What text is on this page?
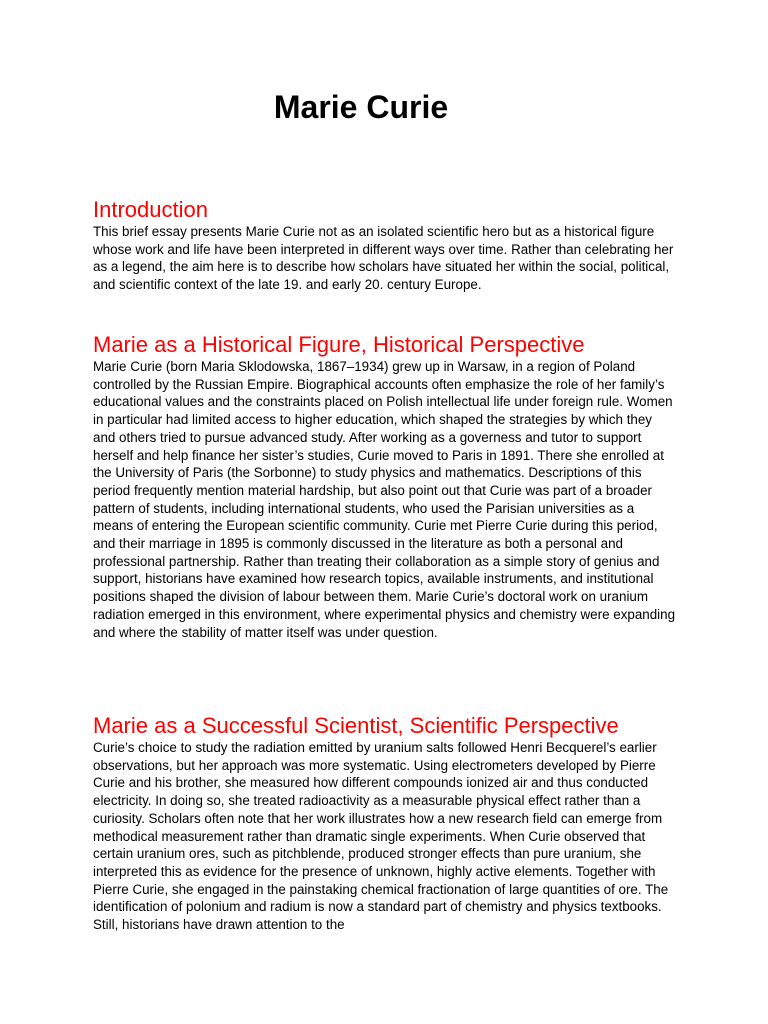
Marie Curie
Introduction

This brief essay presents Marie Curie not as an isolated scientific hero but as a historical figure whose work and life have been interpreted in different ways over time. Rather than celebrating her as a legend, the aim here is to describe how scholars have situated her within the social, political, and scientific context of the late 19. and early 20. century Europe.

Marie as a Historical Figure, Historical Perspective

Marie Curie (born Maria Sklodowska, 1867–1934) grew up in Warsaw, in a region of Poland controlled by the Russian Empire. Biographical accounts often emphasize the role of her family’s educational values and the constraints placed on Polish intellectual life under foreign rule. Women in particular had limited access to higher education, which shaped the strategies by which they and others tried to pursue advanced study. After working as a governess and tutor to support herself and help finance her sister’s studies, Curie moved to Paris in 1891. There she enrolled at the University of Paris (the Sorbonne) to study physics and mathematics. Descriptions of this period frequently mention material hardship, but also point out that Curie was part of a broader pattern of students, including international students, who used the Parisian universities as a means of entering the European scientific community. Curie met Pierre Curie during this period, and their marriage in 1895 is commonly discussed in the literature as both a personal and professional partnership. Rather than treating their collaboration as a simple story of genius and support, historians have examined how research topics, available instruments, and institutional positions shaped the division of labour between them. Marie Curie’s doctoral work on uranium radiation emerged in this environment, where experimental physics and chemistry were expanding and where the stability of matter itself was under question.

Marie as a Successful Scientist, Scientific Perspective

Curie’s choice to study the radiation emitted by uranium salts followed Henri Becquerel’s earlier observations, but her approach was more systematic. Using electrometers developed by Pierre Curie and his brother, she measured how different compounds ionized air and thus conducted electricity. In doing so, she treated radioactivity as a measurable physical effect rather than a curiosity. Scholars often note that her work illustrates how a new research field can emerge from methodical measurement rather than dramatic single experiments. When Curie observed that certain uranium ores, such as pitchblende, produced stronger effects than pure uranium, she interpreted this as evidence for the presence of unknown, highly active elements. Together with Pierre Curie, she engaged in the painstaking chemical fractionation of large quantities of ore. The identification of polonium and radium is now a standard part of chemistry and physics textbooks. Still, historians have drawn attention to the
